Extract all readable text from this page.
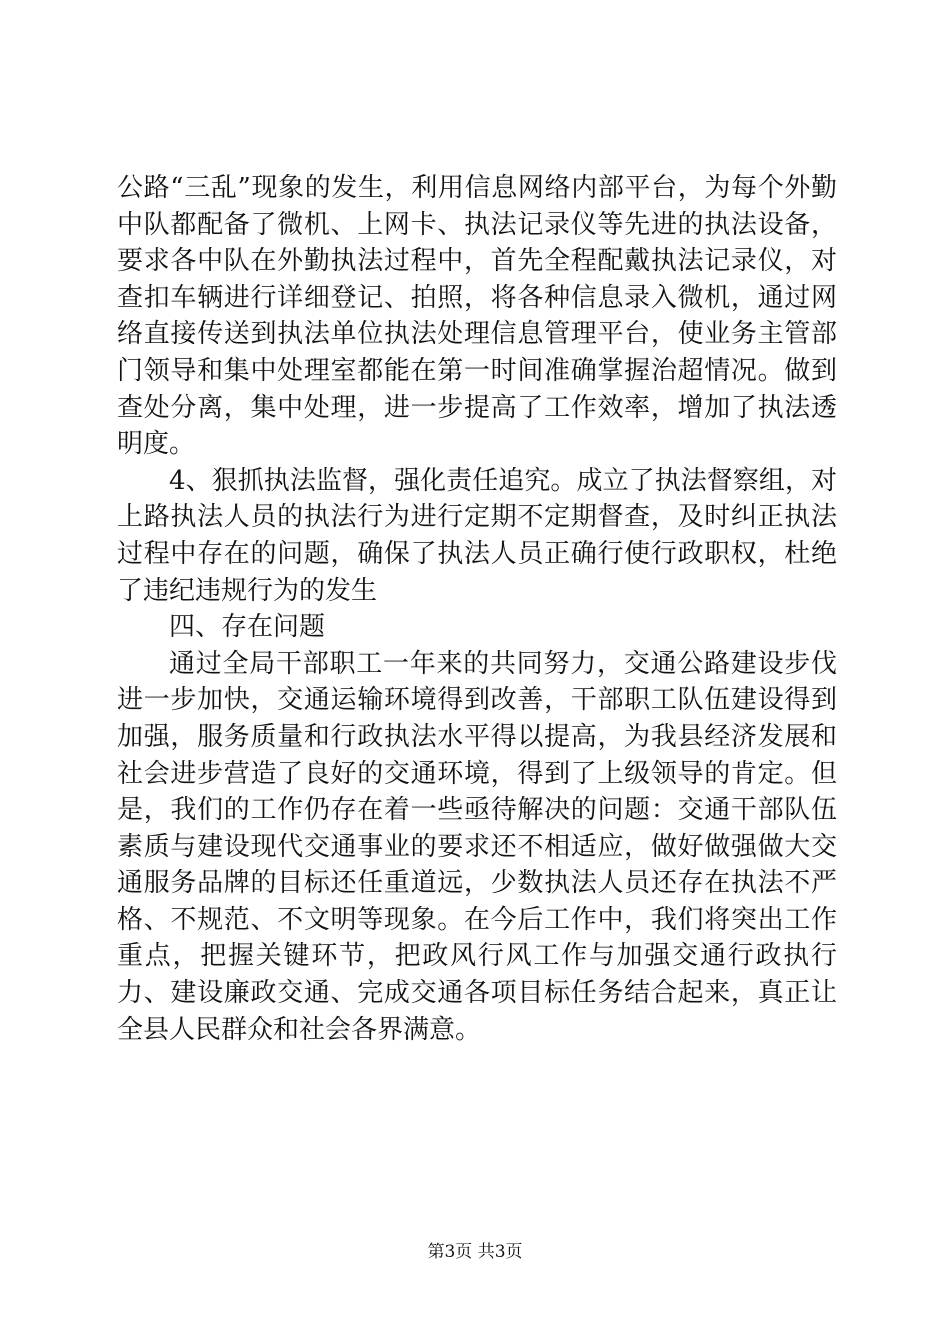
公路“三乱”现象的发生，利用信息网络内部平台，为每个外勤中队都配备了微机、上网卡、执法记录仪等先进的执法设备，要求各中队在外勤执法过程中，首先全程配戴执法记录仪，对查扣车辆进行详细登记、拍照，将各种信息录入微机，通过网络直接传送到执法单位执法处理信息管理平台，使业务主管部门领导和集中处理室都能在第一时间准确掌握治超情况。做到查处分离，集中处理，进一步提高了工作效率，增加了执法透明度。

4、狠抓执法监督，强化责任追究。成立了执法督察组，对上路执法人员的执法行为进行定期不定期督查，及时纠正执法过程中存在的问题，确保了执法人员正确行使行政职权，杜绝了违纪违规行为的发生

四、存在问题

通过全局干部职工一年来的共同努力，交通公路建设步伐进一步加快，交通运输环境得到改善，干部职工队伍建设得到加强，服务质量和行政执法水平得以提高，为我县经济发展和社会进步营造了良好的交通环境，得到了上级领导的肯定。但是，我们的工作仍存在着一些亟待解决的问题：交通干部队伍素质与建设现代交通事业的要求还不相适应，做好做强做大交通服务品牌的目标还任重道远，少数执法人员还存在执法不严格、不规范、不文明等现象。在今后工作中，我们将突出工作重点，把握关键环节，把政风行风工作与加强交通行政执行力、建设廉政交通、完成交通各项目标任务结合起来，真正让全县人民群众和社会各界满意。

第3页 共3页
